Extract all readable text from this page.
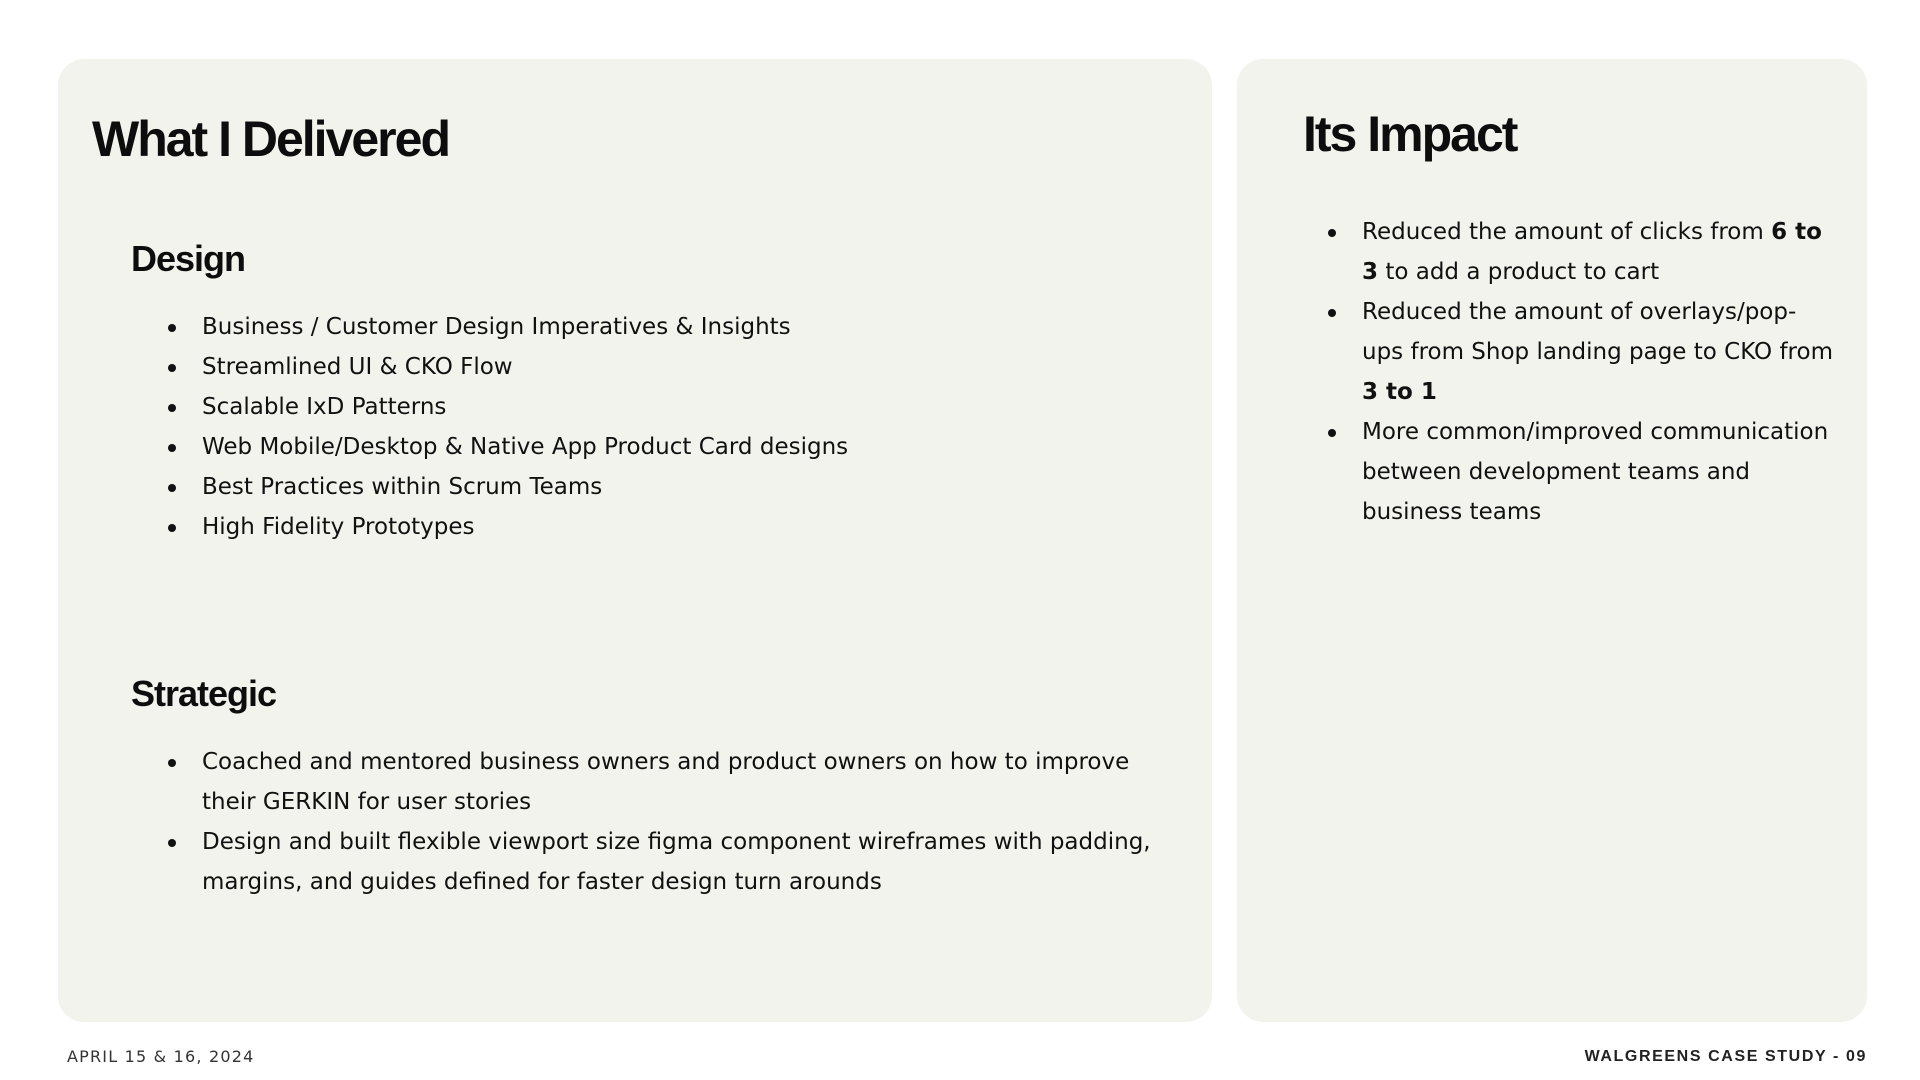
What I Delivered
Design
Business / Customer Design Imperatives & Insights
Streamlined UI & CKO Flow
Scalable IxD Patterns
Web Mobile/Desktop & Native App Product Card designs
Best Practices within Scrum Teams
High Fidelity Prototypes
Strategic
Coached and mentored business owners and product owners on how to improve their GERKIN for user stories
Design and built flexible viewport size figma component wireframes with padding, margins, and guides defined for faster design turn arounds
Its Impact
Reduced the amount of clicks from 6 to 3 to add a product to cart
Reduced the amount of overlays/pop-ups from Shop landing page to CKO from 3 to 1
More common/improved communication between development teams and business teams
APRIL 15 & 16, 2024	WALGREENS CASE STUDY - 09
